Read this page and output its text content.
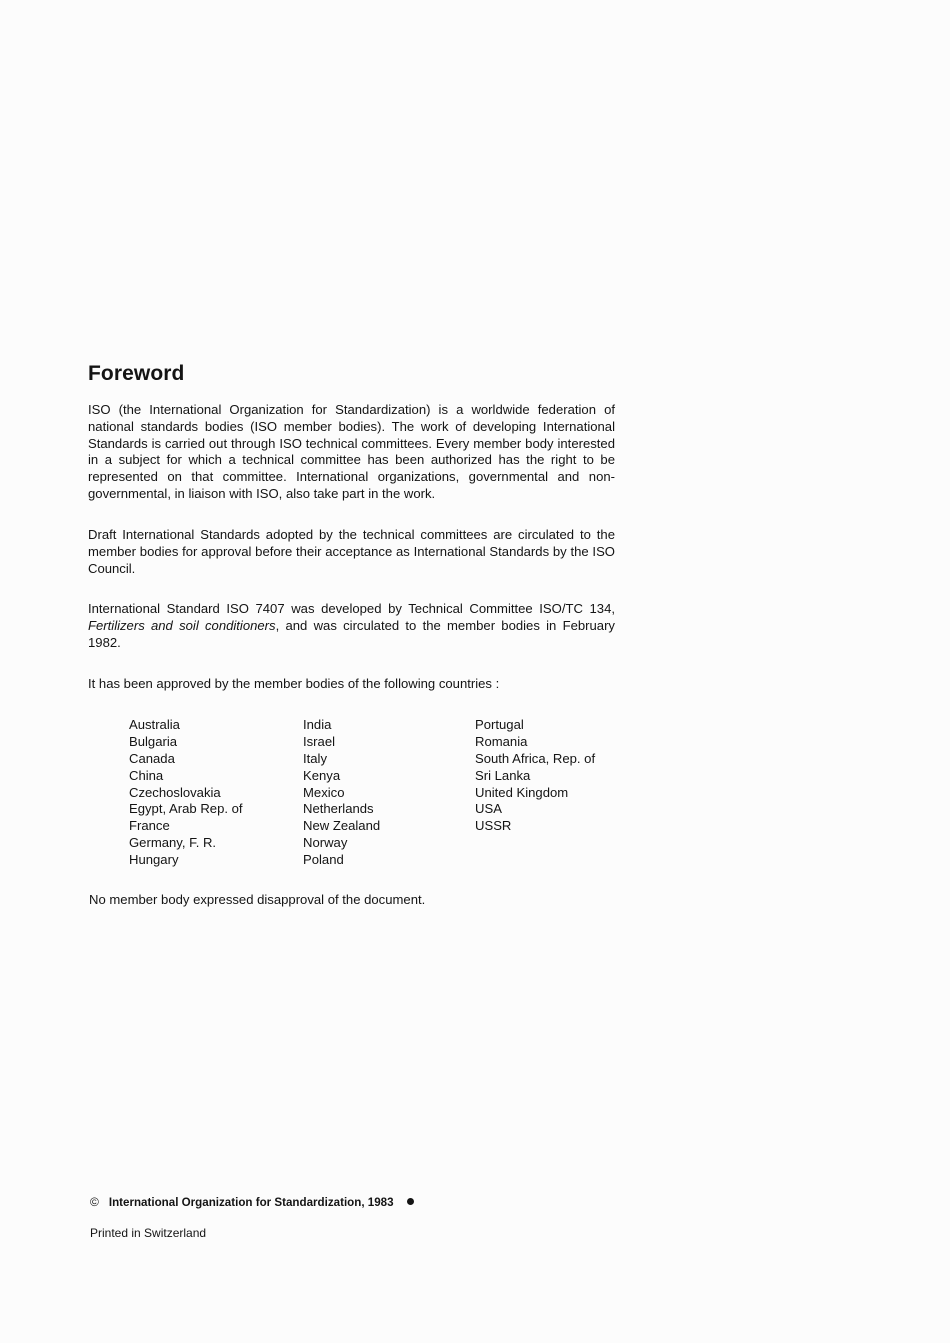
Foreword

ISO (the International Organization for Standardization) is a worldwide federation of national standards bodies (ISO member bodies). The work of developing International Standards is carried out through ISO technical committees. Every member body interested in a subject for which a technical committee has been authorized has the right to be represented on that committee. International organizations, governmental and non-governmental, in liaison with ISO, also take part in the work.

Draft International Standards adopted by the technical committees are circulated to the member bodies for approval before their acceptance as International Standards by the ISO Council.

International Standard ISO 7407 was developed by Technical Committee ISO/TC 134, Fertilizers and soil conditioners, and was circulated to the member bodies in February 1982.

It has been approved by the member bodies of the following countries :

Australia
Bulgaria
Canada
China
Czechoslovakia
Egypt, Arab Rep. of
France
Germany, F. R.
Hungary
India
Israel
Italy
Kenya
Mexico
Netherlands
New Zealand
Norway
Poland
Portugal
Romania
South Africa, Rep. of
Sri Lanka
United Kingdom
USA
USSR

No member body expressed disapproval of the document.

© International Organization for Standardization, 1983
Printed in Switzerland
